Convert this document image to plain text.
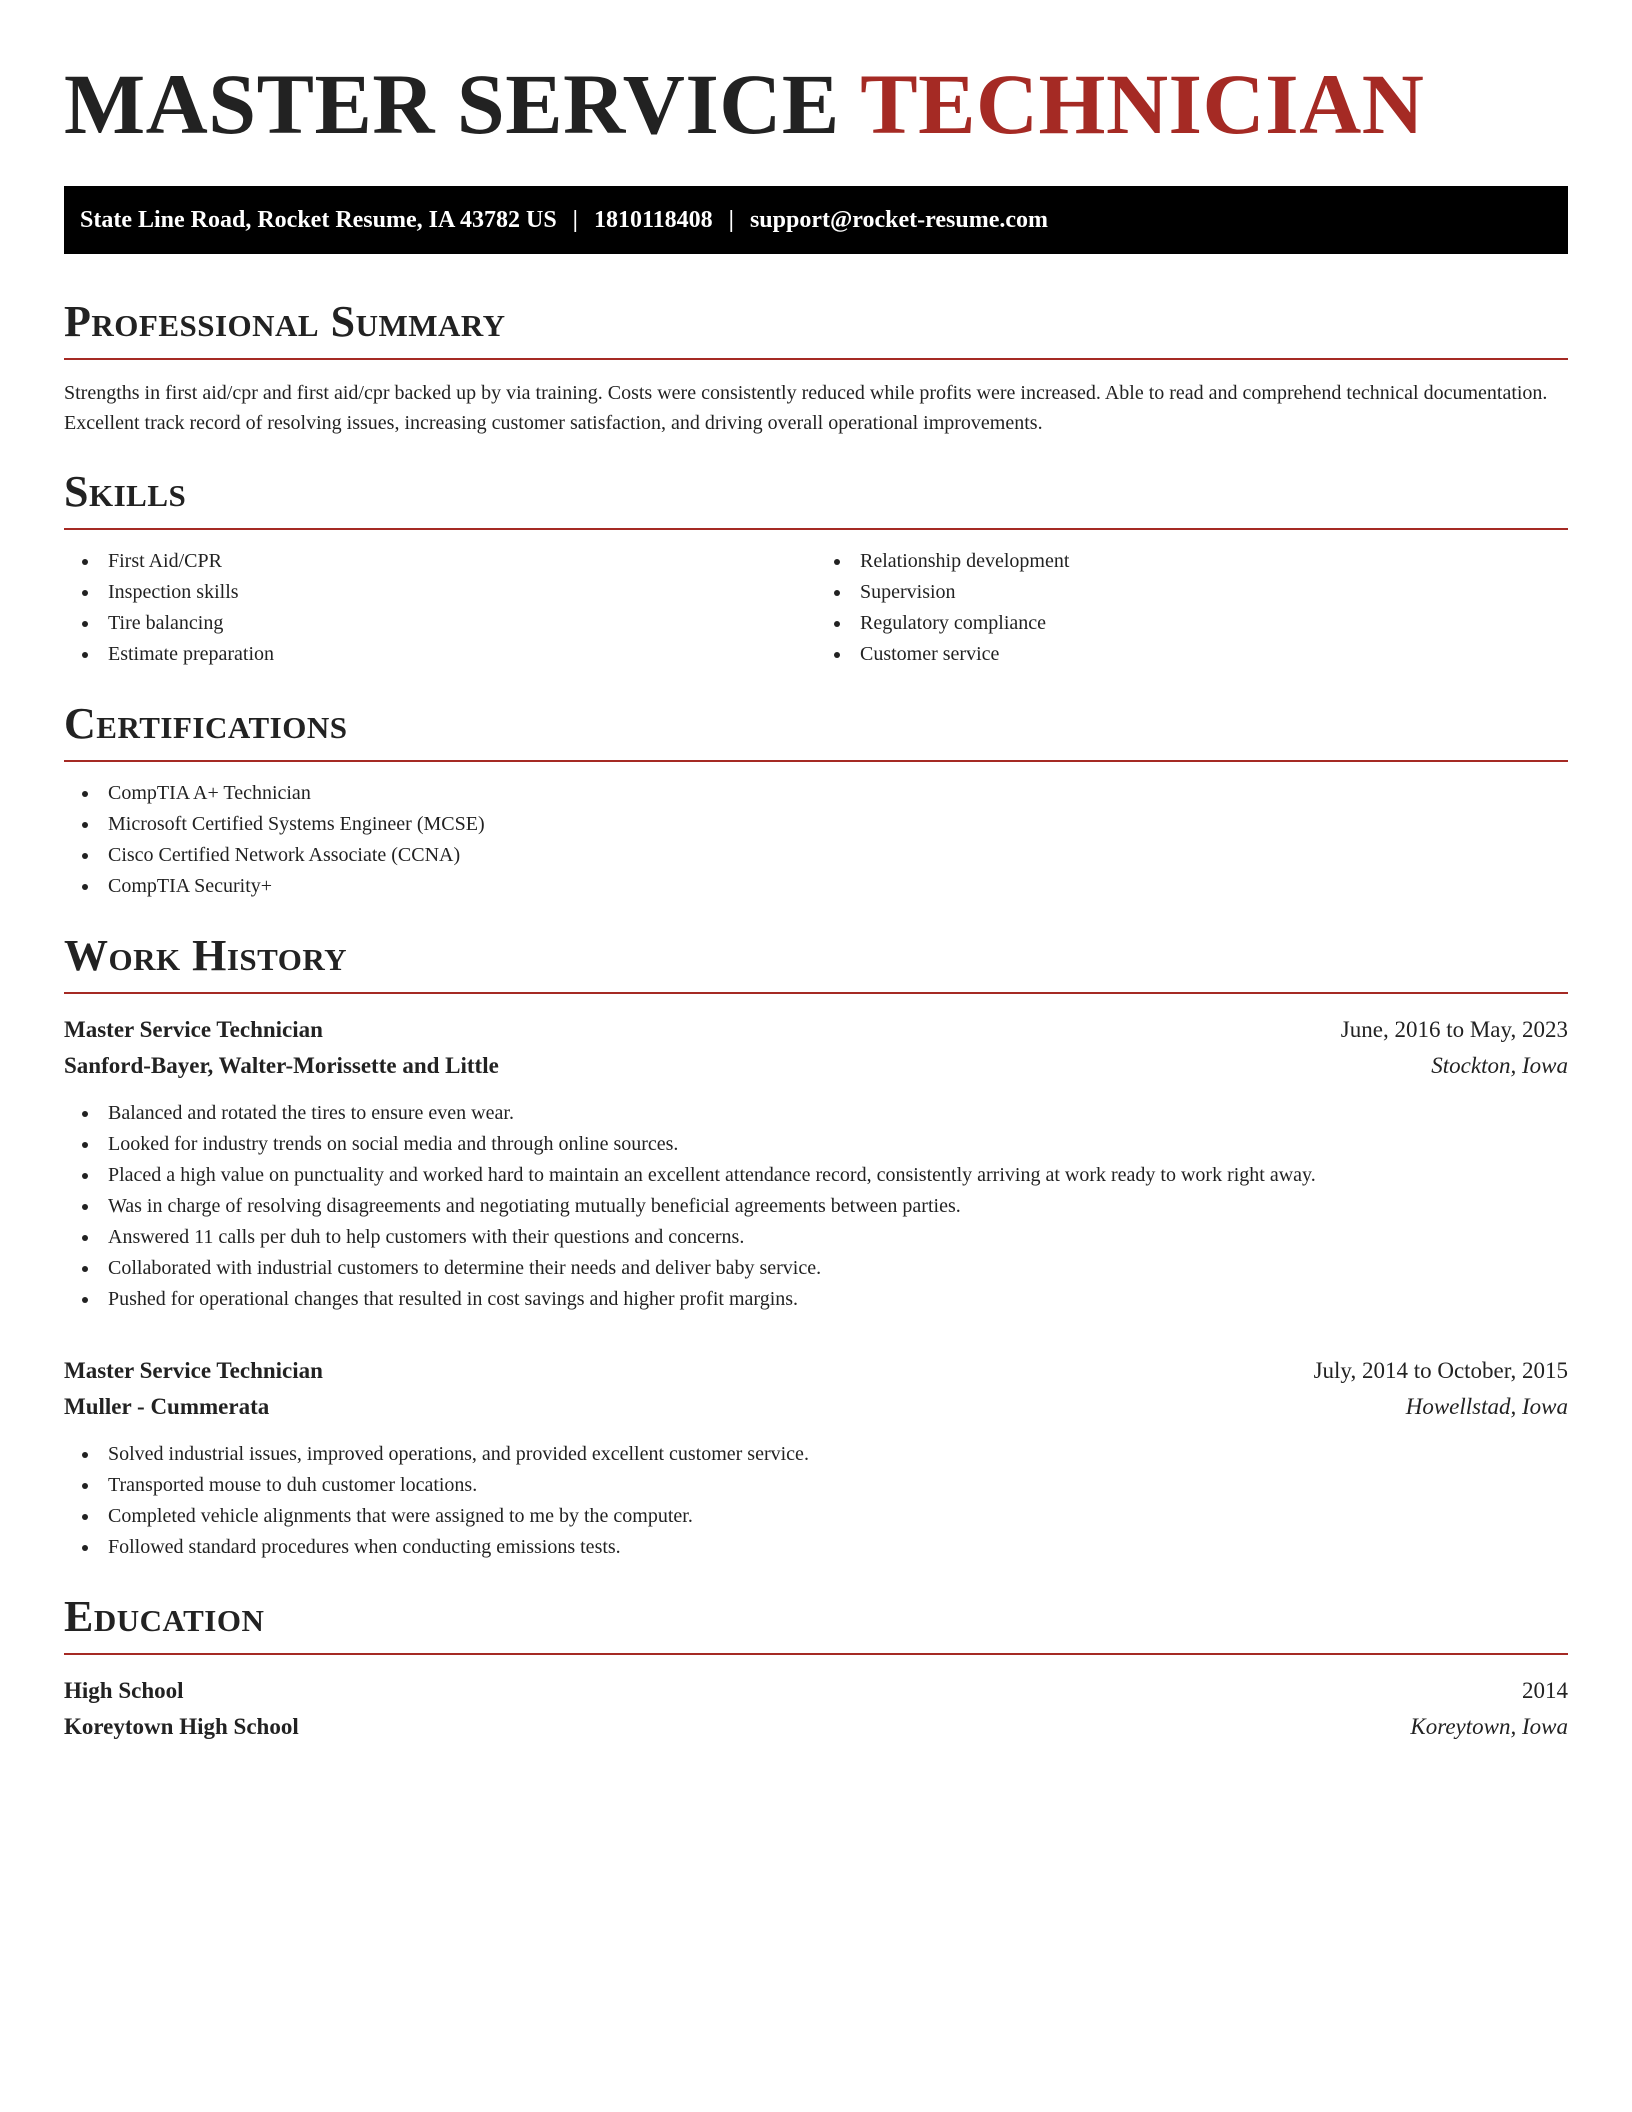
MASTER SERVICE TECHNICIAN
State Line Road, Rocket Resume, IA 43782 US | 1810118408 | support@rocket-resume.com
Professional Summary

Strengths in first aid/cpr and first aid/cpr backed up by via training. Costs were consistently reduced while profits were increased. Able to read and comprehend technical documentation. Excellent track record of resolving issues, increasing customer satisfaction, and driving overall operational improvements.

Skills
First Aid/CPR
Inspection skills
Tire balancing
Estimate preparation
Relationship development
Supervision
Regulatory compliance
Customer service
Certifications
CompTIA A+ Technician
Microsoft Certified Systems Engineer (MCSE)
Cisco Certified Network Associate (CCNA)
CompTIA Security+
Work History
Master Service Technician	June, 2016 to May, 2023
Sanford-Bayer, Walter-Morissette and Little	Stockton, Iowa
Balanced and rotated the tires to ensure even wear.
Looked for industry trends on social media and through online sources.
Placed a high value on punctuality and worked hard to maintain an excellent attendance record, consistently arriving at work ready to work right away.
Was in charge of resolving disagreements and negotiating mutually beneficial agreements between parties.
Answered 11 calls per duh to help customers with their questions and concerns.
Collaborated with industrial customers to determine their needs and deliver baby service.
Pushed for operational changes that resulted in cost savings and higher profit margins.
Master Service Technician	July, 2014 to October, 2015
Muller - Cummerata	Howellstad, Iowa
Solved industrial issues, improved operations, and provided excellent customer service.
Transported mouse to duh customer locations.
Completed vehicle alignments that were assigned to me by the computer.
Followed standard procedures when conducting emissions tests.
Education
High School	2014
Koreytown High School	Koreytown, Iowa
